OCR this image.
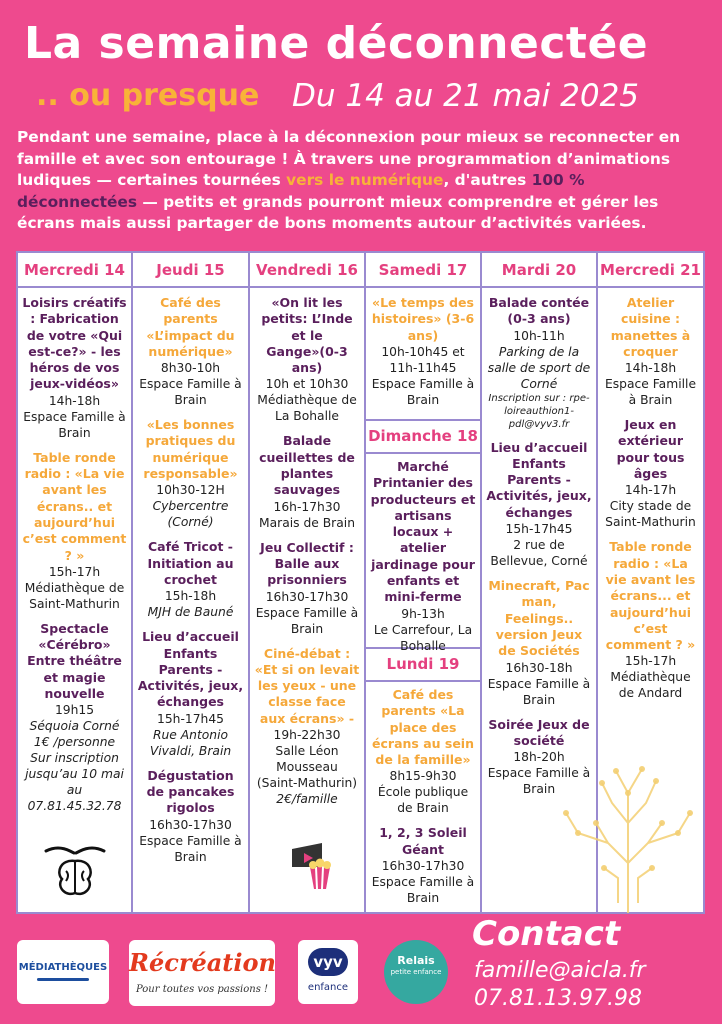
La semaine déconnectée
.. ou presque Du 14 au 21 mai 2025
Pendant une semaine, place à la déconnexion pour mieux se reconnecter en famille et avec son entourage ! À travers une programmation d’animations ludiques — certaines tournées vers le numérique, d'autres 100 % déconnectées — petits et grands pourront mieux comprendre et gérer les écrans mais aussi partager de bons moments autour d’activités variées.
Mercredi 14
Loisirs créatifs : Fabrication de votre «Qui est-ce?» - les héros de vos jeux-vidéos»
14h-18h
Espace Famille à Brain
Table ronde radio : «La vie avant les écrans.. et aujourd’hui c’est comment ? »
15h-17h
Médiathèque de Saint-Mathurin
Spectacle «Cérébro» Entre théâtre et magie nouvelle
19h15
Séquoia Corné
1€ /personne Sur inscription jusqu’au 10 mai au 07.81.45.32.78
Jeudi 15
Café des parents «L’impact du numérique»
8h30-10h
Espace Famille à Brain
«Les bonnes pratiques du numérique responsable»
10h30-12H
Cybercentre (Corné)
Café Tricot - Initiation au crochet
15h-18h
MJH de Bauné
Lieu d’accueil Enfants Parents - Activités, jeux, échanges
15h-17h45
Rue Antonio Vivaldi, Brain
Dégustation de pancakes rigolos
16h30-17h30
Espace Famille à Brain
Vendredi 16
«On lit les petits: L’Inde et le Gange»(0-3 ans)
10h et 10h30
Médiathèque de La Bohalle
Balade cueillettes de plantes sauvages
16h-17h30
Marais de Brain
Jeu Collectif : Balle aux prisonniers
16h30-17h30
Espace Famille à Brain
Ciné-débat : «Et si on levait les yeux - une classe face aux écrans» -
19h-22h30
Salle Léon Mousseau (Saint-Mathurin)
2€/famille
Samedi 17
«Le temps des histoires» (3-6 ans)
10h-10h45 et 11h-11h45
Espace Famille à Brain
Dimanche 18
Marché Printanier des producteurs et artisans locaux + atelier jardinage pour enfants et mini-ferme
9h-13h
Le Carrefour, La Bohalle
Lundi 19
Café des parents «La place des écrans au sein de la famille»
8h15-9h30
École publique de Brain
1, 2, 3 Soleil Géant
16h30-17h30
Espace Famille à Brain
Mardi 20
Balade contée (0-3 ans)
10h-11h
Parking de la salle de sport de Corné
Inscription sur : rpe-loireauthion1-pdl@vyv3.fr
Lieu d’accueil Enfants Parents - Activités, jeux, échanges
15h-17h45
2 rue de Bellevue, Corné
Minecraft, Pac man, Feelings.. version Jeux de Sociétés
16h30-18h
Espace Famille à Brain
Soirée Jeux de société
18h-20h
Espace Famille à Brain
Mercredi 21
Atelier cuisine : manettes à croquer
14h-18h
Espace Famille à Brain
Jeux en extérieur pour tous âges
14h-17h
City stade de Saint-Mathurin
Table ronde radio : «La vie avant les écrans... et aujourd’hui c’est comment ? »
15h-17h
Médiathèque de Andard
MÉDIATHÈQUES Récréation
Pour toutes vos passions !
vyv
enfance
Relais
petite enfance
Contact
famille@aicla.fr
07.81.13.97.98
